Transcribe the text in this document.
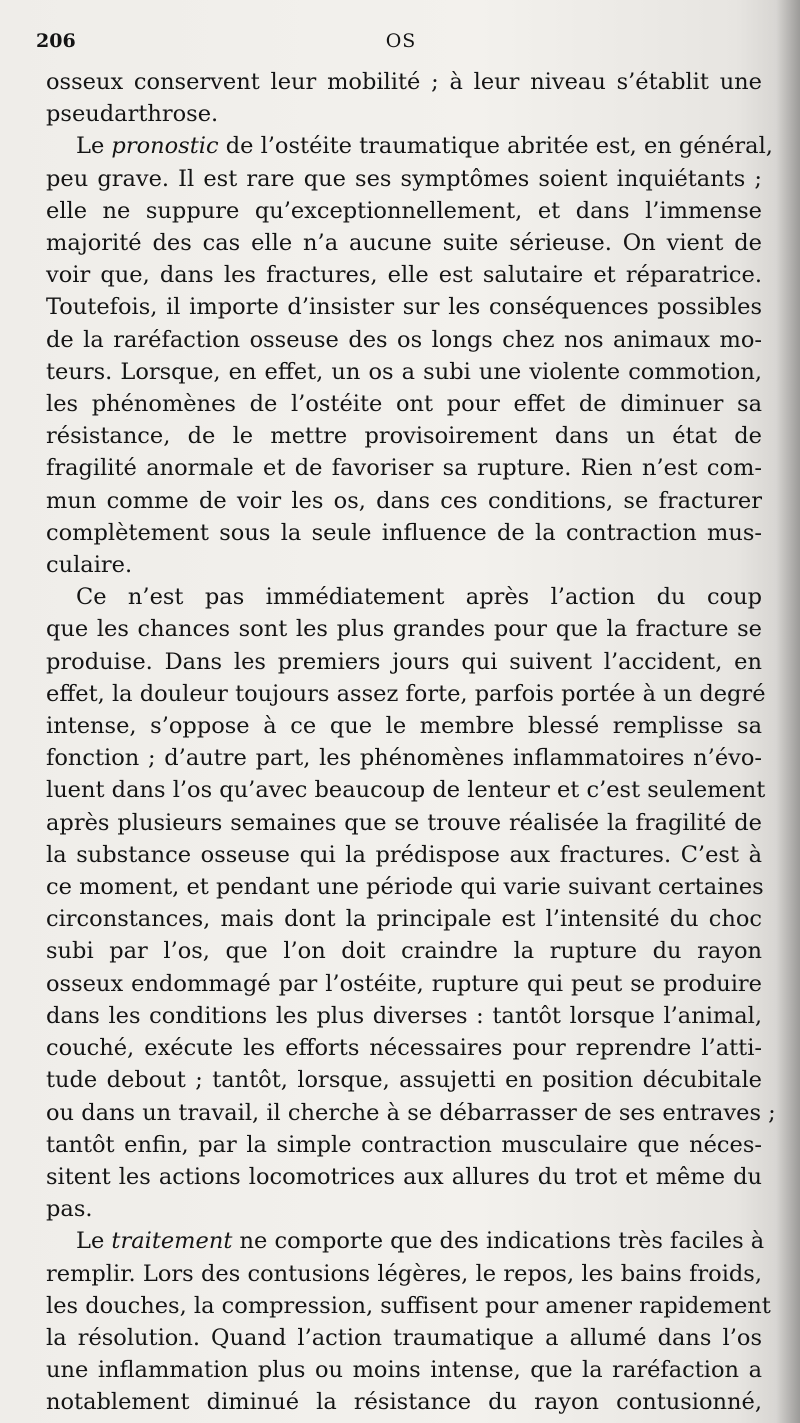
206	OS
osseux conservent leur mobilité ; à leur niveau s’établit une
pseudarthrose.
Le pronostic de l’ostéite traumatique abritée est, en général,
peu grave. Il est rare que ses symptômes soient inquiétants ;
elle ne suppure qu’exceptionnellement, et dans l’immense
majorité des cas elle n’a aucune suite sérieuse. On vient de
voir que, dans les fractures, elle est salutaire et réparatrice.
Toutefois, il importe d’insister sur les conséquences possibles
de la raréfaction osseuse des os longs chez nos animaux mo-
teurs. Lorsque, en effet, un os a subi une violente commotion,
les phénomènes de l’ostéite ont pour effet de diminuer sa
résistance, de le mettre provisoirement dans un état de
fragilité anormale et de favoriser sa rupture. Rien n’est com-
mun comme de voir les os, dans ces conditions, se fracturer
complètement sous la seule influence de la contraction mus-
culaire.
Ce n’est pas immédiatement après l’action du coup
que les chances sont les plus grandes pour que la fracture se
produise. Dans les premiers jours qui suivent l’accident, en
effet, la douleur toujours assez forte, parfois portée à un degré
intense, s’oppose à ce que le membre blessé remplisse sa
fonction ; d’autre part, les phénomènes inflammatoires n’évo-
luent dans l’os qu’avec beaucoup de lenteur et c’est seulement
après plusieurs semaines que se trouve réalisée la fragilité de
la substance osseuse qui la prédispose aux fractures. C’est à
ce moment, et pendant une période qui varie suivant certaines
circonstances, mais dont la principale est l’intensité du choc
subi par l’os, que l’on doit craindre la rupture du rayon
osseux endommagé par l’ostéite, rupture qui peut se produire
dans les conditions les plus diverses : tantôt lorsque l’animal,
couché, exécute les efforts nécessaires pour reprendre l’atti-
tude debout ; tantôt, lorsque, assujetti en position décubitale
ou dans un travail, il cherche à se débarrasser de ses entraves ;
tantôt enfin, par la simple contraction musculaire que néces-
sitent les actions locomotrices aux allures du trot et même du
pas.
Le traitement ne comporte que des indications très faciles à
remplir. Lors des contusions légères, le repos, les bains froids,
les douches, la compression, suffisent pour amener rapidement
la résolution. Quand l’action traumatique a allumé dans l’os
une inflammation plus ou moins intense, que la raréfaction a
notablement diminué la résistance du rayon contusionné,
